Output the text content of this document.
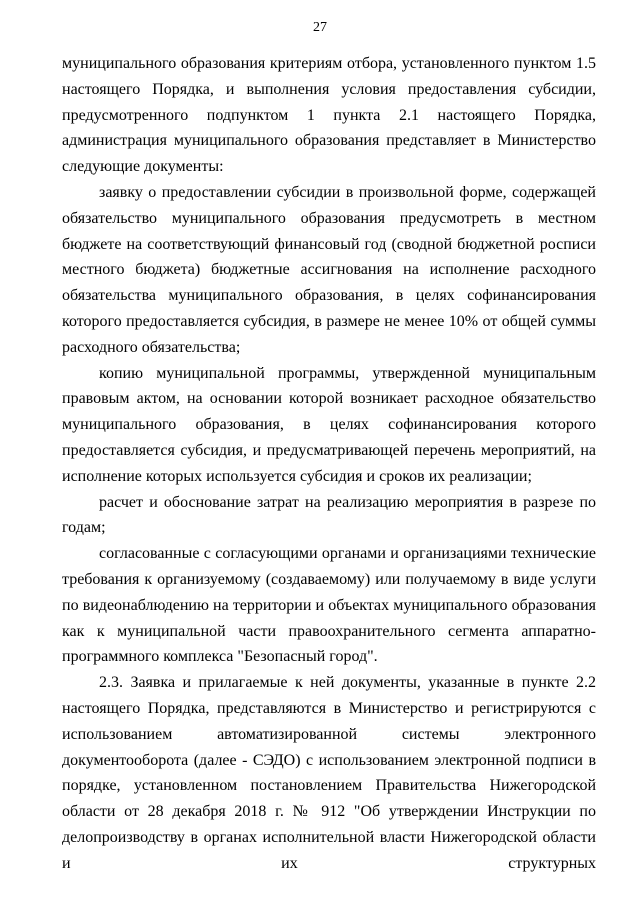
27

муниципального образования критериям отбора, установленного пунктом 1.5 настоящего Порядка, и выполнения условия предоставления субсидии, предусмотренного подпунктом 1 пункта 2.1 настоящего Порядка, администрация муниципального образования представляет в Министерство следующие документы:

заявку о предоставлении субсидии в произвольной форме, содержащей обязательство муниципального образования предусмотреть в местном бюджете на соответствующий финансовый год (сводной бюджетной росписи местного бюджета) бюджетные ассигнования на исполнение расходного обязательства муниципального образования, в целях софинансирования которого предоставляется субсидия, в размере не менее 10% от общей суммы расходного обязательства;

копию муниципальной программы, утвержденной муниципальным правовым актом, на основании которой возникает расходное обязательство муниципального образования, в целях софинансирования которого предоставляется субсидия, и предусматривающей перечень мероприятий, на исполнение которых используется субсидия и сроков их реализации;

расчет и обоснование затрат на реализацию мероприятия в разрезе по годам;

согласованные с согласующими органами и организациями технические требования к организуемому (создаваемому) или получаемому в виде услуги по видеонаблюдению на территории и объектах муниципального образования как к муниципальной части правоохранительного сегмента аппаратно-программного комплекса "Безопасный город".

2.3. Заявка и прилагаемые к ней документы, указанные в пункте 2.2 настоящего Порядка, представляются в Министерство и регистрируются с использованием автоматизированной системы электронного документооборота (далее - СЭДО) с использованием электронной подписи в порядке, установленном постановлением Правительства Нижегородской области от 28 декабря 2018 г. № 912 "Об утверждении Инструкции по делопроизводству в органах исполнительной власти Нижегородской области и их структурных
